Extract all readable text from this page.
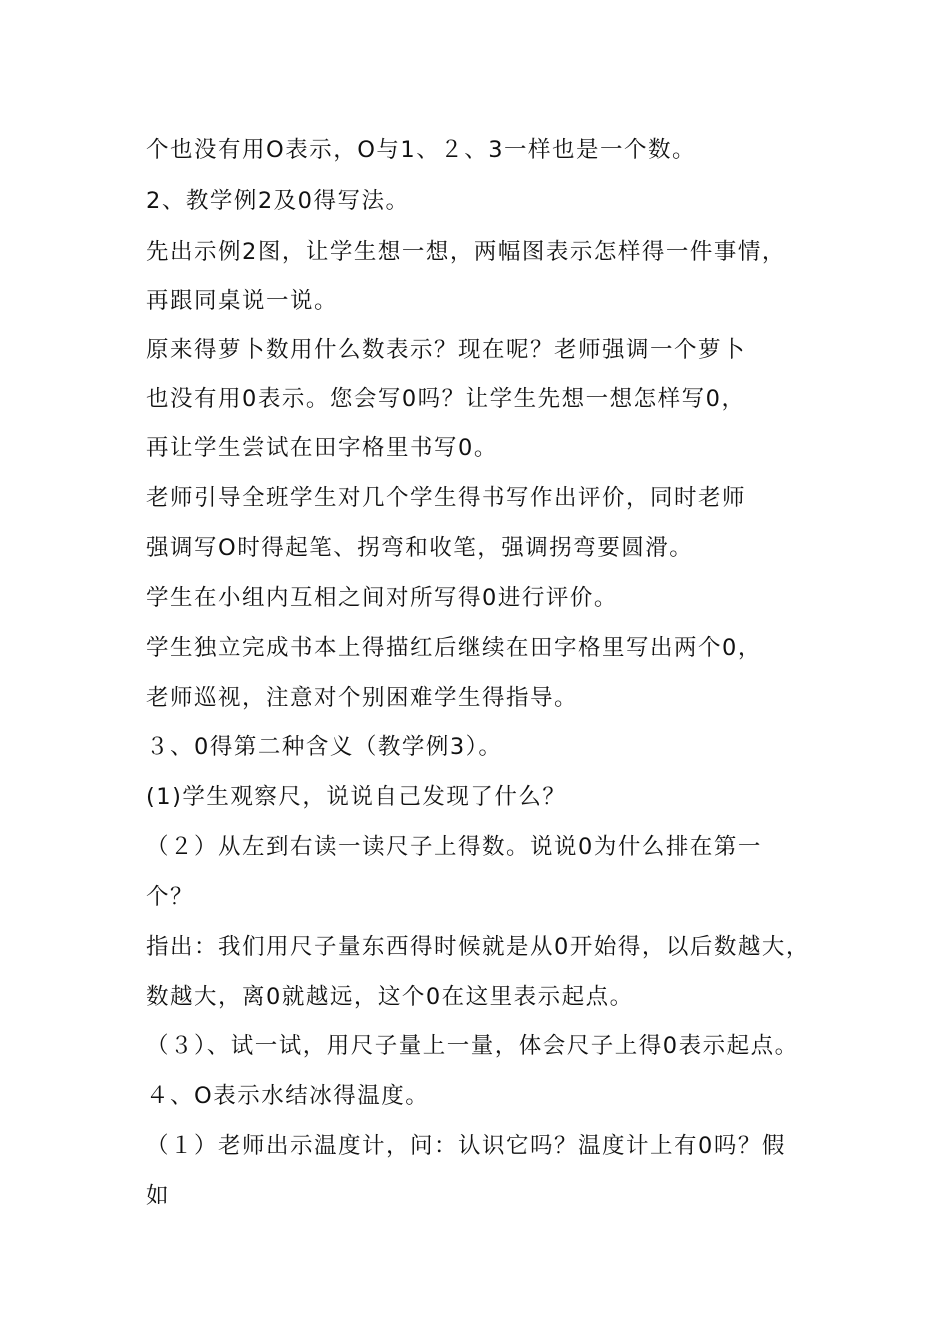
个也没有用O表示，O与1、２、3一样也是一个数。
2、教学例2及0得写法。
先出示例2图，让学生想一想，两幅图表示怎样得一件事情，
再跟同桌说一说。
原来得萝卜数用什么数表示？现在呢？老师强调一个萝卜
也没有用0表示。您会写0吗？让学生先想一想怎样写0，
再让学生尝试在田字格里书写0。
老师引导全班学生对几个学生得书写作出评价，同时老师
强调写O时得起笔、拐弯和收笔，强调拐弯要圆滑。
学生在小组内互相之间对所写得0进行评价。
学生独立完成书本上得描红后继续在田字格里写出两个0，
老师巡视，注意对个别困难学生得指导。
３、0得第二种含义（教学例3）。
(1)学生观察尺，说说自己发现了什么？
（２）从左到右读一读尺子上得数。说说0为什么排在第一
个？
指出：我们用尺子量东西得时候就是从0开始得，以后数越大，
数越大，离0就越远，这个0在这里表示起点。
（３）、试一试，用尺子量上一量，体会尺子上得0表示起点。
４、O表示水结冰得温度。
（１）老师出示温度计，问：认识它吗？温度计上有0吗？假
如
